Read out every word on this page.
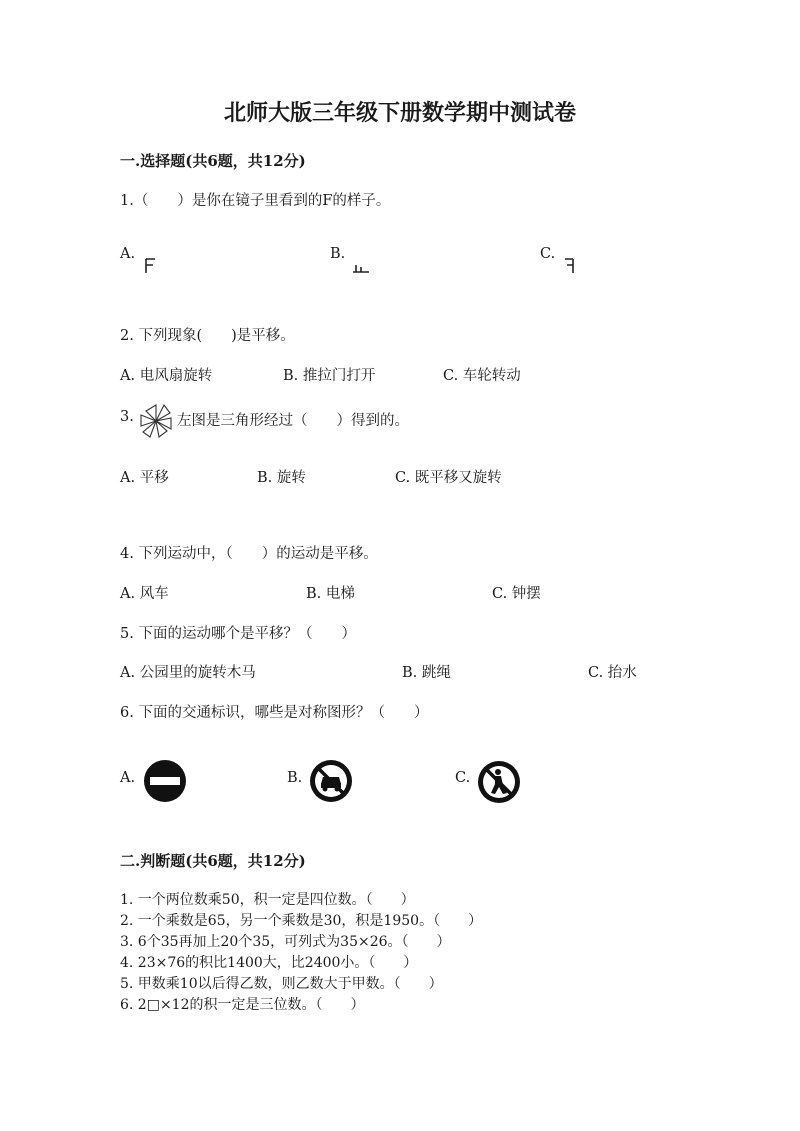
北师大版三年级下册数学期中测试卷
一.选择题(共6题，共12分)
1.（　　）是你在镜子里看到的F的样子。
A.	B.	C.
2. 下列现象(　　)是平移。
A. 电风扇旋转	B. 推拉门打开	C. 车轮转动
3.	左图是三角形经过（　　）得到的。
A. 平移	B. 旋转	C. 既平移又旋转
4. 下列运动中，（　　）的运动是平移。
A. 风车	B. 电梯	C. 钟摆
5. 下面的运动哪个是平移？（　　）
A. 公园里的旋转木马	B. 跳绳	C. 抬水
6. 下面的交通标识，哪些是对称图形？（　　）
A.	B.	C.
二.判断题(共6题，共12分)
1. 一个两位数乘50，积一定是四位数。（　　）
2. 一个乘数是65，另一个乘数是30，积是1950。（　　）
3. 6个35再加上20个35，可列式为35×26。（　　）
4. 23×76的积比1400大，比2400小。（　　）
5. 甲数乘10以后得乙数，则乙数大于甲数。（　　）
6. 2□×12的积一定是三位数。（　　）
